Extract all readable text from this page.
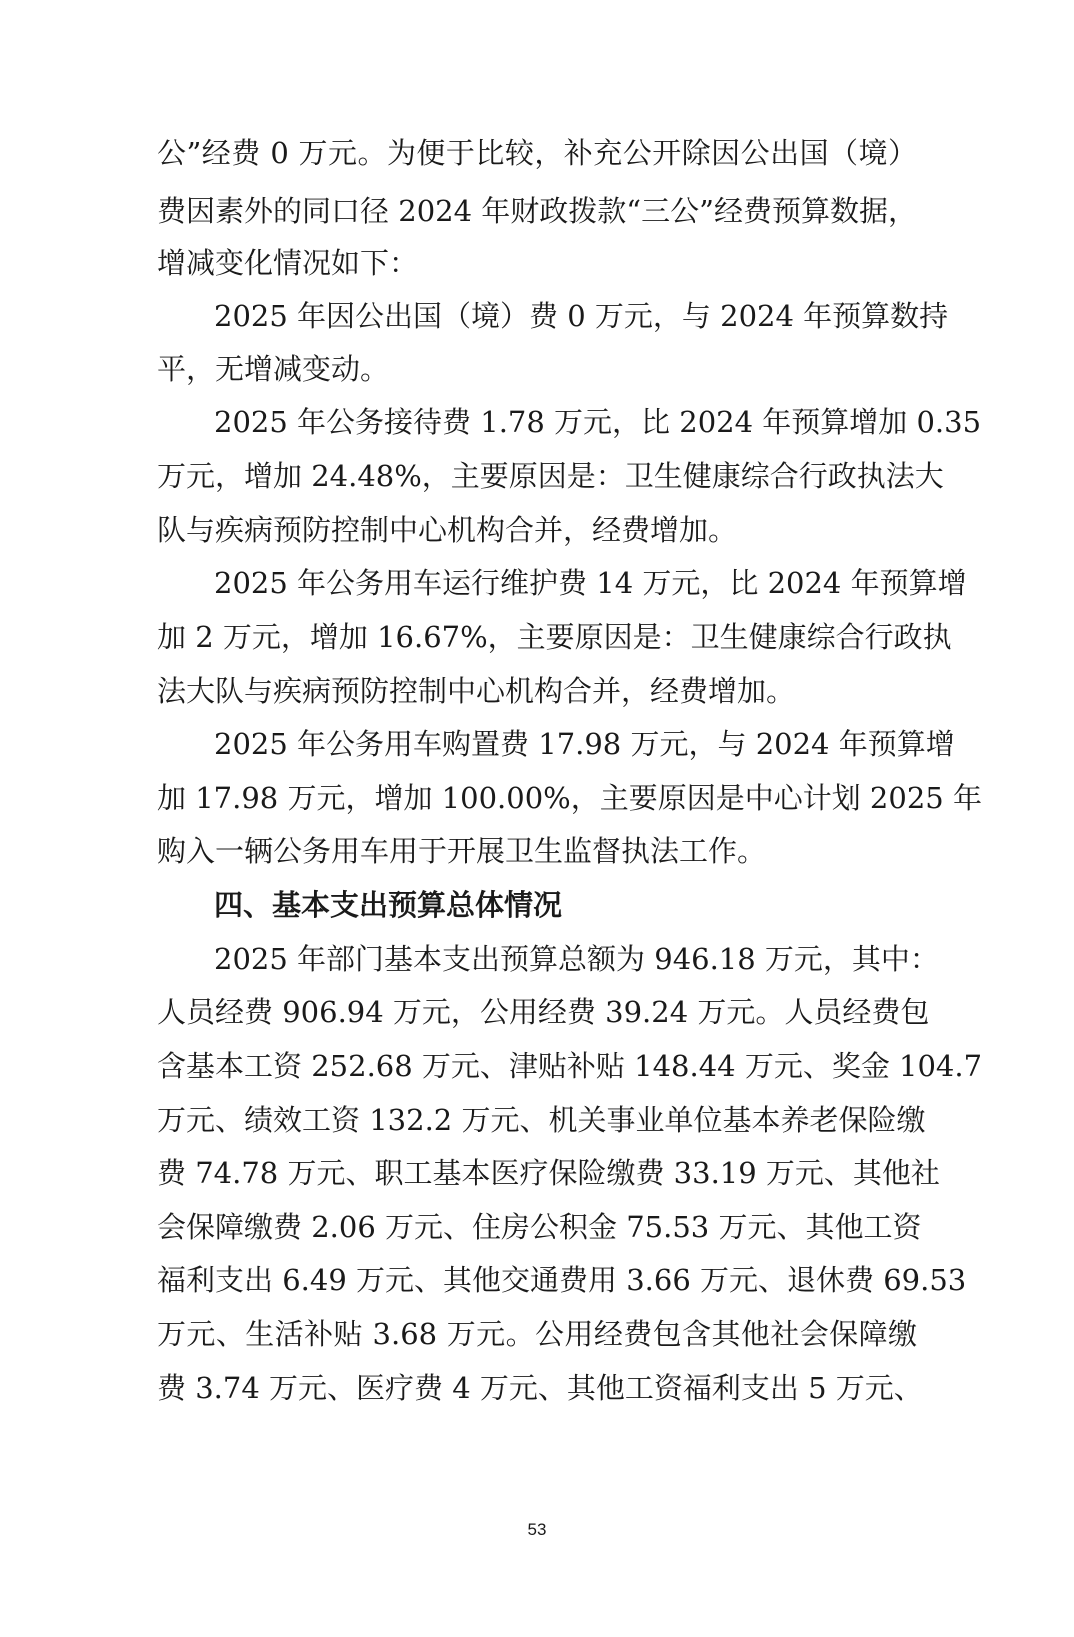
公”经费 0 万元。为便于比较，补充公开除因公出国（境）
费因素外的同口径 2024 年财政拨款“三公”经费预算数据，
增减变化情况如下：
2025 年因公出国（境）费 0 万元，与 2024 年预算数持
平，无增减变动。
2025 年公务接待费 1.78 万元，比 2024 年预算增加 0.35
万元，增加 24.48%，主要原因是：卫生健康综合行政执法大
队与疾病预防控制中心机构合并，经费增加。
2025 年公务用车运行维护费 14 万元，比 2024 年预算增
加 2 万元，增加 16.67%，主要原因是：卫生健康综合行政执
法大队与疾病预防控制中心机构合并，经费增加。
2025 年公务用车购置费 17.98 万元，与 2024 年预算增
加 17.98 万元，增加 100.00%，主要原因是中心计划 2025 年
购入一辆公务用车用于开展卫生监督执法工作。
四、基本支出预算总体情况
2025 年部门基本支出预算总额为 946.18 万元，其中：
人员经费 906.94 万元，公用经费 39.24 万元。人员经费包
含基本工资 252.68 万元、津贴补贴 148.44 万元、奖金 104.7
万元、绩效工资 132.2 万元、机关事业单位基本养老保险缴
费 74.78 万元、职工基本医疗保险缴费 33.19 万元、其他社
会保障缴费 2.06 万元、住房公积金 75.53 万元、其他工资
福利支出 6.49 万元、其他交通费用 3.66 万元、退休费 69.53
万元、生活补贴 3.68 万元。公用经费包含其他社会保障缴
费 3.74 万元、医疗费 4 万元、其他工资福利支出 5 万元、
53
